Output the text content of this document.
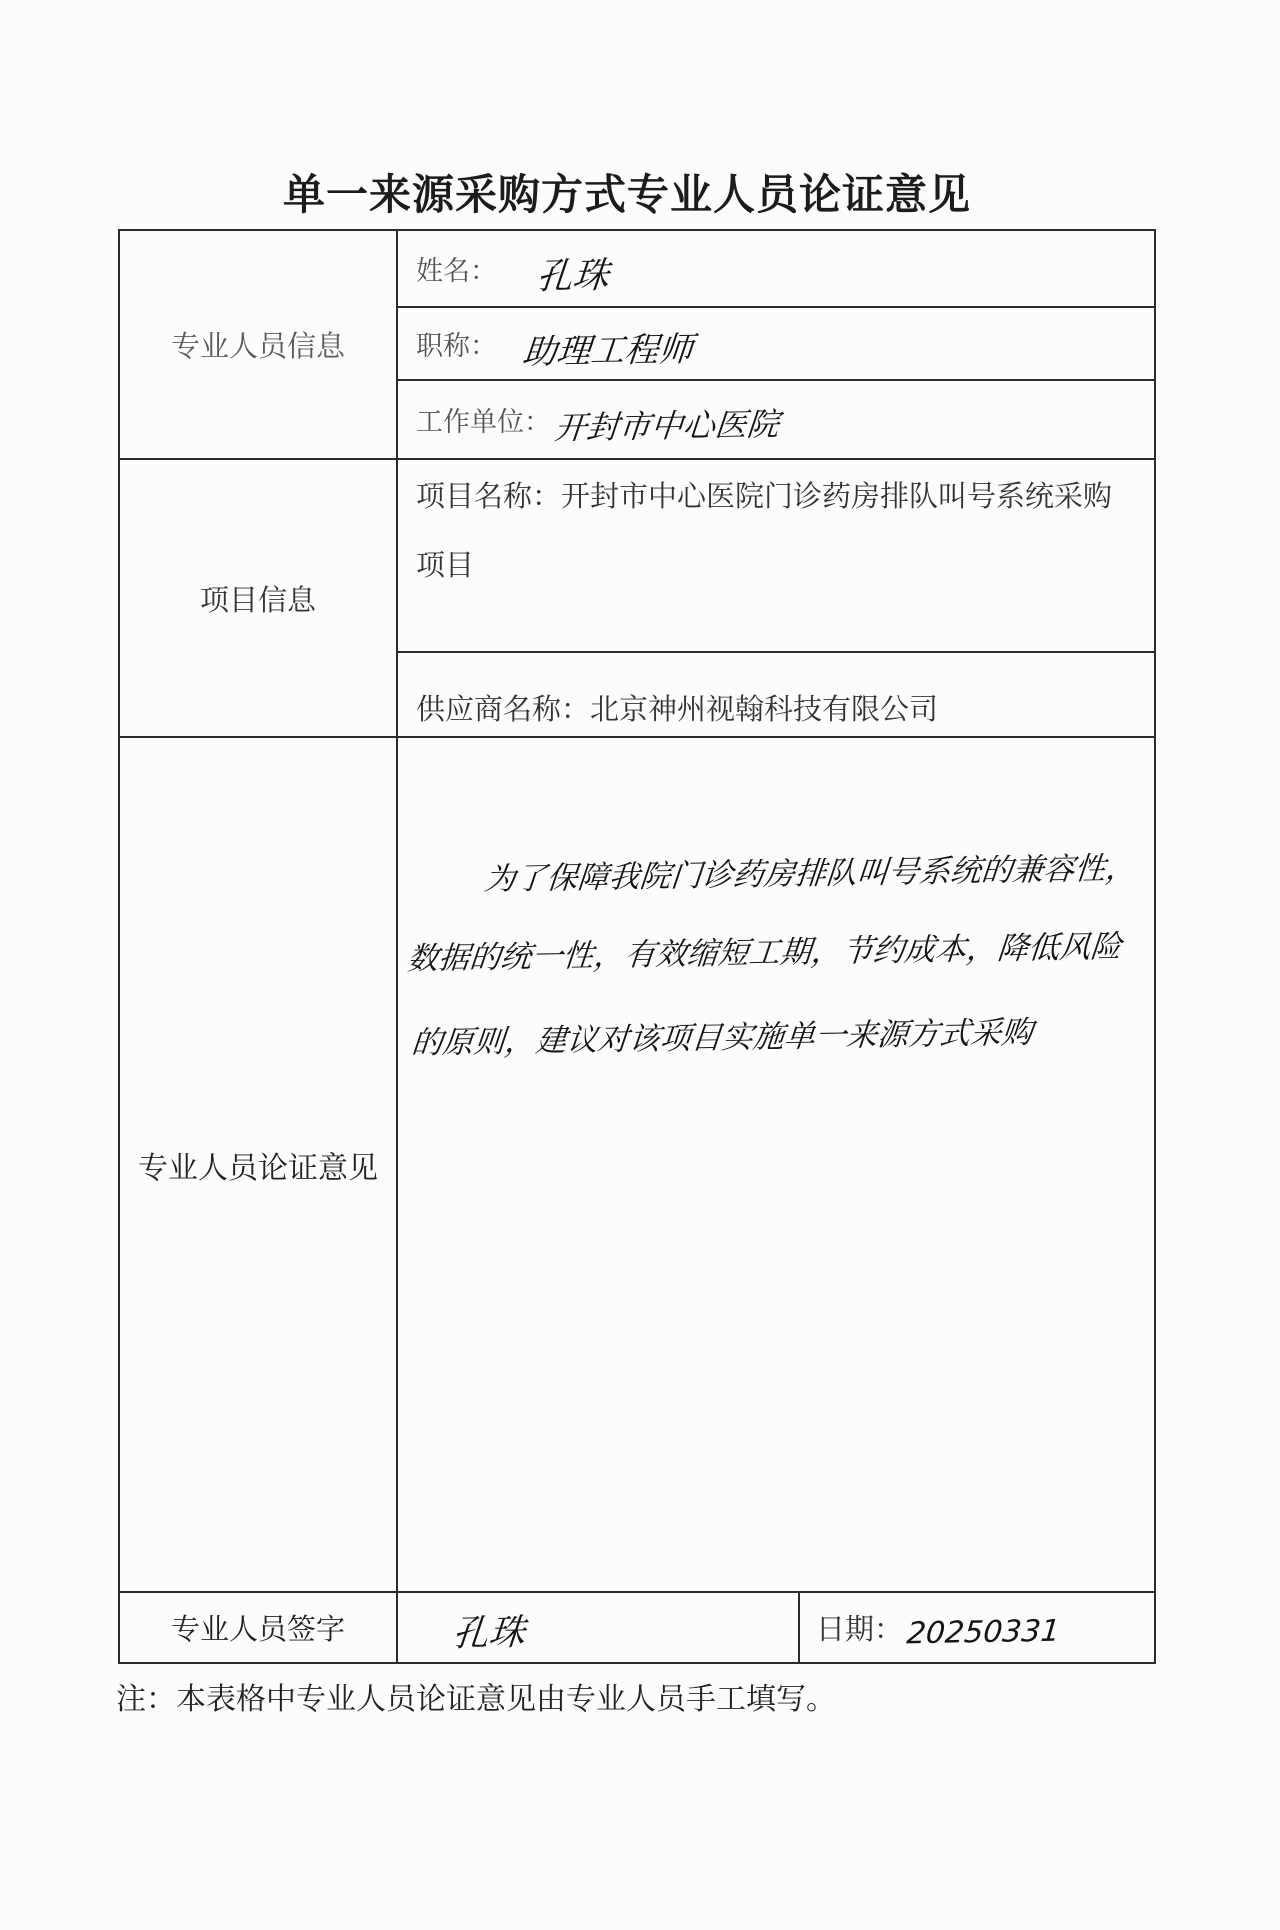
单一来源采购方式专业人员论证意见
专业人员信息
姓名： 孔珠
职称： 助理工程师
工作单位： 开封市中心医院
项目信息
项目名称：开封市中心医院门诊药房排队叫号系统采购项目
供应商名称：北京神州视翰科技有限公司
专业人员论证意见
为了保障我院门诊药房排队叫号系统的兼容性，
数据的统一性，有效缩短工期，节约成本，降低风险
的原则，建议对该项目实施单一来源方式采购
专业人员签字	孔珠	日期： 20250331
注：本表格中专业人员论证意见由专业人员手工填写。
